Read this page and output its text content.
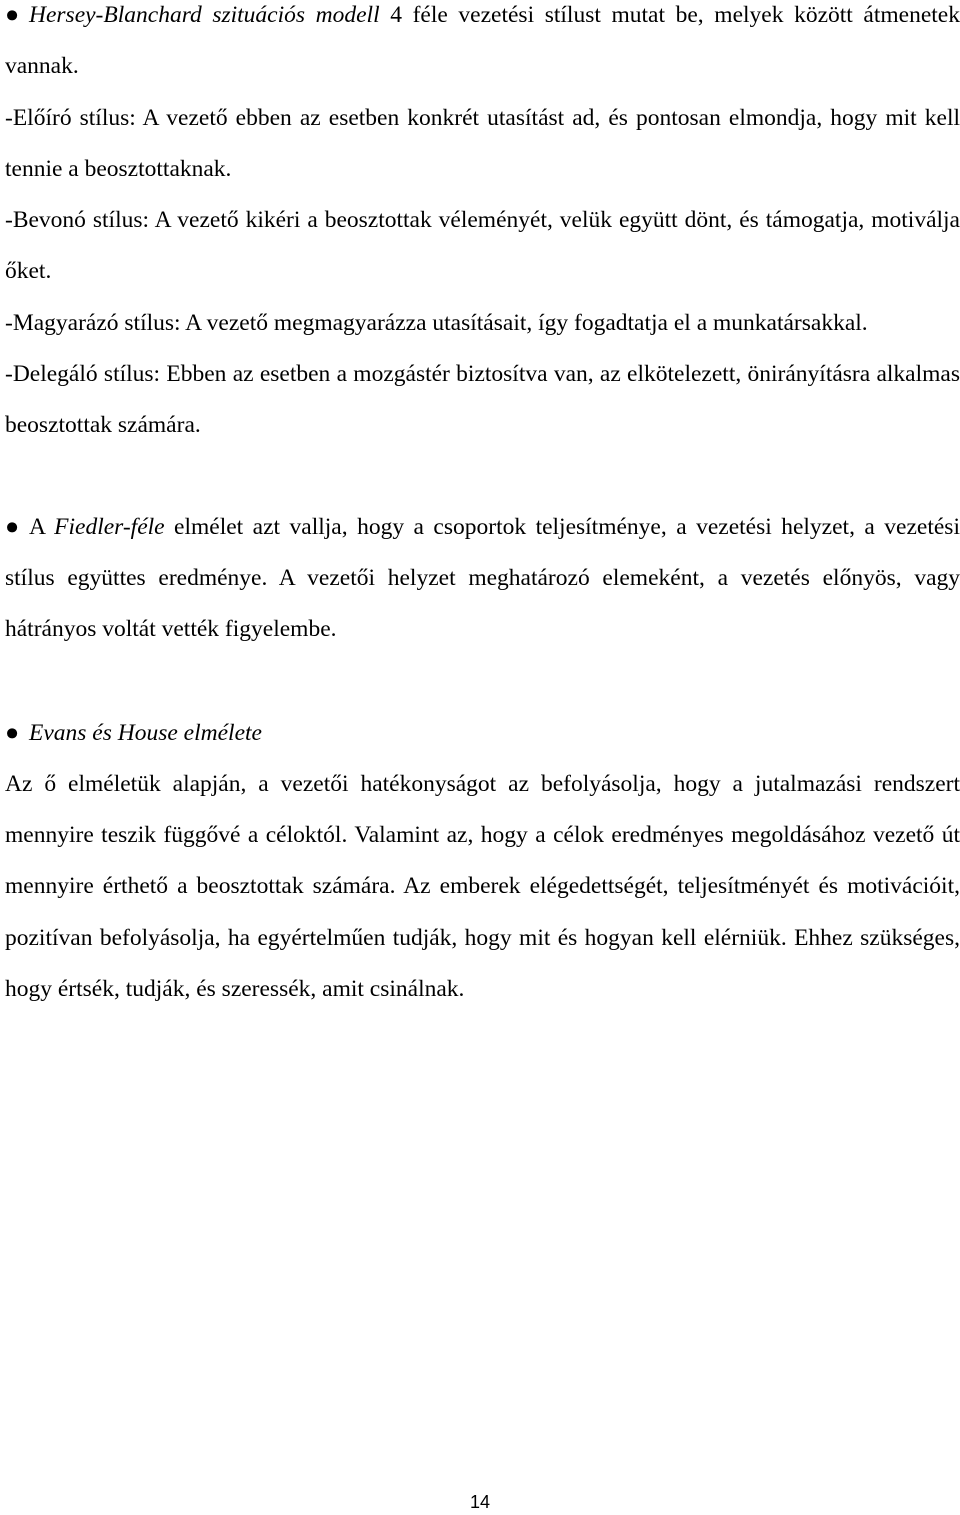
● Hersey-Blanchard szituációs modell 4 féle vezetési stílust mutat be, melyek között átmenetek vannak.

-Előíró stílus: A vezető ebben az esetben konkrét utasítást ad, és pontosan elmondja, hogy mit kell tennie a beosztottaknak.

-Bevonó stílus: A vezető kikéri a beosztottak véleményét, velük együtt dönt, és támogatja, motiválja őket.

-Magyarázó stílus: A vezető megmagyarázza utasításait, így fogadtatja el a munkatársakkal.

-Delegáló stílus: Ebben az esetben a mozgástér biztosítva van, az elkötelezett, önirányításra alkalmas beosztottak számára.

● A Fiedler-féle elmélet azt vallja, hogy a csoportok teljesítménye, a vezetési helyzet, a vezetési stílus együttes eredménye. A vezetői helyzet meghatározó elemeként, a vezetés előnyös, vagy hátrányos voltát vették figyelembe.

● Evans és House elmélete

Az ő elméletük alapján, a vezetői hatékonyságot az befolyásolja, hogy a jutalmazási rendszert mennyire teszik függővé a céloktól. Valamint az, hogy a célok eredményes megoldásához vezető út mennyire érthető a beosztottak számára. Az emberek elégedettségét, teljesítményét és motivációit, pozitívan befolyásolja, ha egyértelműen tudják, hogy mit és hogyan kell elérniük. Ehhez szükséges, hogy értsék, tudják, és szeressék, amit csinálnak.

14
